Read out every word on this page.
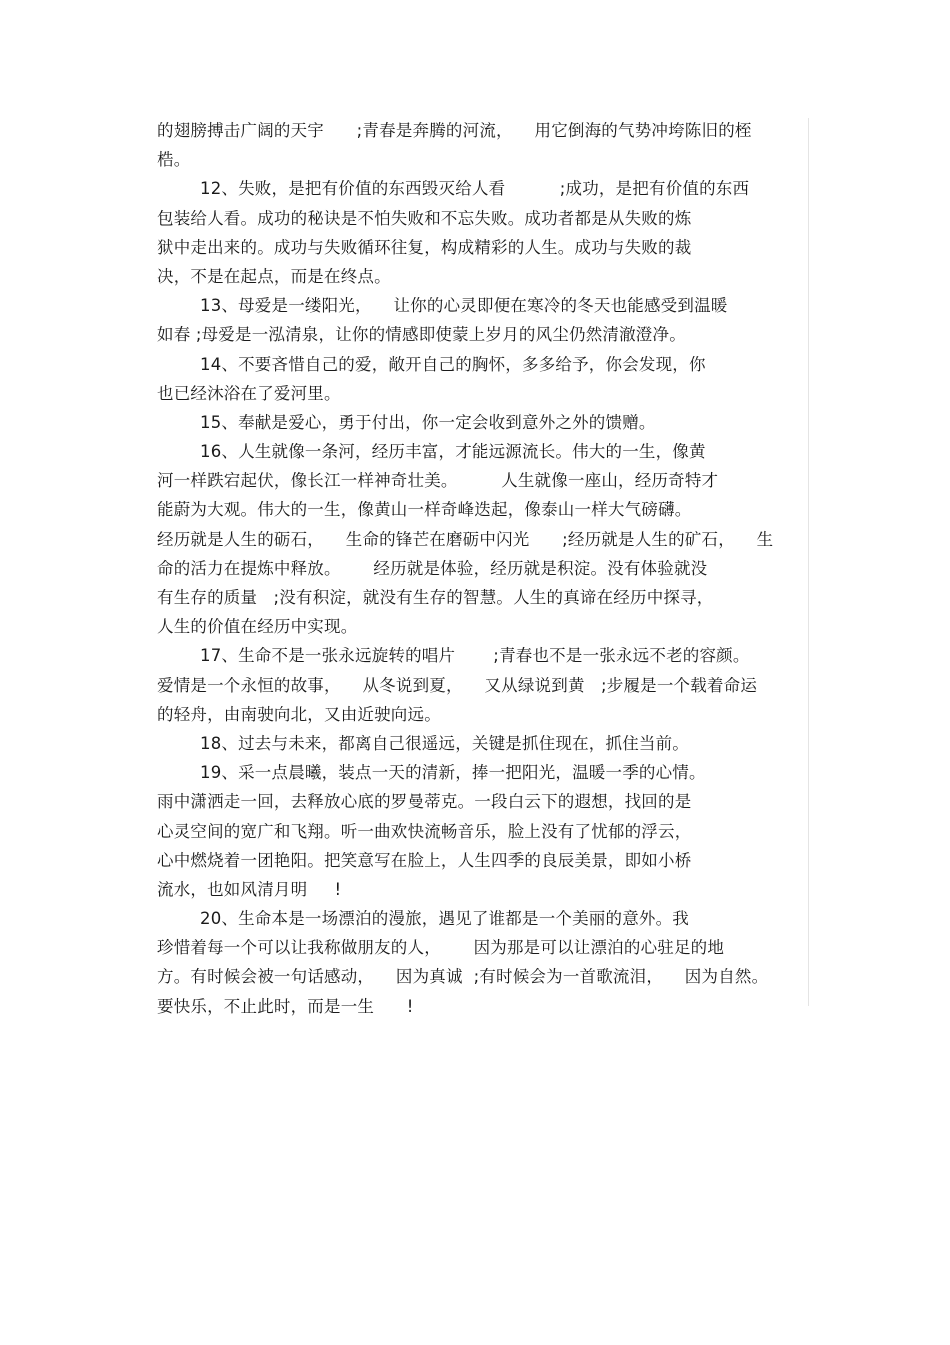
的翅膀搏击广阔的天宇      ;青春是奔腾的河流，    用它倒海的气势冲垮陈旧的桎
梏。
12、失败，是把有价值的东西毁灭给人看          ;成功，是把有价值的东西
包装给人看。成功的秘诀是不怕失败和不忘失败。成功者都是从失败的炼
狱中走出来的。成功与失败循环往复，构成精彩的人生。成功与失败的裁
决，不是在起点，而是在终点。
13、母爱是一缕阳光，    让你的心灵即便在寒冷的冬天也能感受到温暖
如春 ;母爱是一泓清泉，让你的情感即使蒙上岁月的风尘仍然清澈澄净。
14、不要吝惜自己的爱，敞开自己的胸怀，多多给予，你会发现，你
也已经沐浴在了爱河里。
15、奉献是爱心，勇于付出，你一定会收到意外之外的馈赠。
16、人生就像一条河，经历丰富，才能远源流长。伟大的一生，像黄
河一样跌宕起伏，像长江一样神奇壮美。        人生就像一座山，经历奇特才
能蔚为大观。伟大的一生，像黄山一样奇峰迭起，像泰山一样大气磅礴。
经历就是人生的砺石，    生命的锋芒在磨砺中闪光      ;经历就是人生的矿石，    生
命的活力在提炼中释放。      经历就是体验，经历就是积淀。没有体验就没
有生存的质量   ;没有积淀，就没有生存的智慧。人生的真谛在经历中探寻，
人生的价值在经历中实现。
17、生命不是一张永远旋转的唱片       ;青春也不是一张永远不老的容颜。
爱情是一个永恒的故事，    从冬说到夏，    又从绿说到黄   ;步履是一个载着命运
的轻舟，由南驶向北，又由近驶向远。
18、过去与未来，都离自己很遥远，关键是抓住现在，抓住当前。
19、采一点晨曦，装点一天的清新，捧一把阳光，温暖一季的心情。
雨中潇洒走一回，去释放心底的罗曼蒂克。一段白云下的遐想，找回的是
心灵空间的宽广和飞翔。听一曲欢快流畅音乐，脸上没有了忧郁的浮云，
心中燃烧着一团艳阳。把笑意写在脸上，人生四季的良辰美景，即如小桥
流水，也如风清月明     !
20、生命本是一场漂泊的漫旅，遇见了谁都是一个美丽的意外。我
珍惜着每一个可以让我称做朋友的人，      因为那是可以让漂泊的心驻足的地
方。有时候会被一句话感动，    因为真诚  ;有时候会为一首歌流泪，    因为自然。
要快乐，不止此时，而是一生      !
